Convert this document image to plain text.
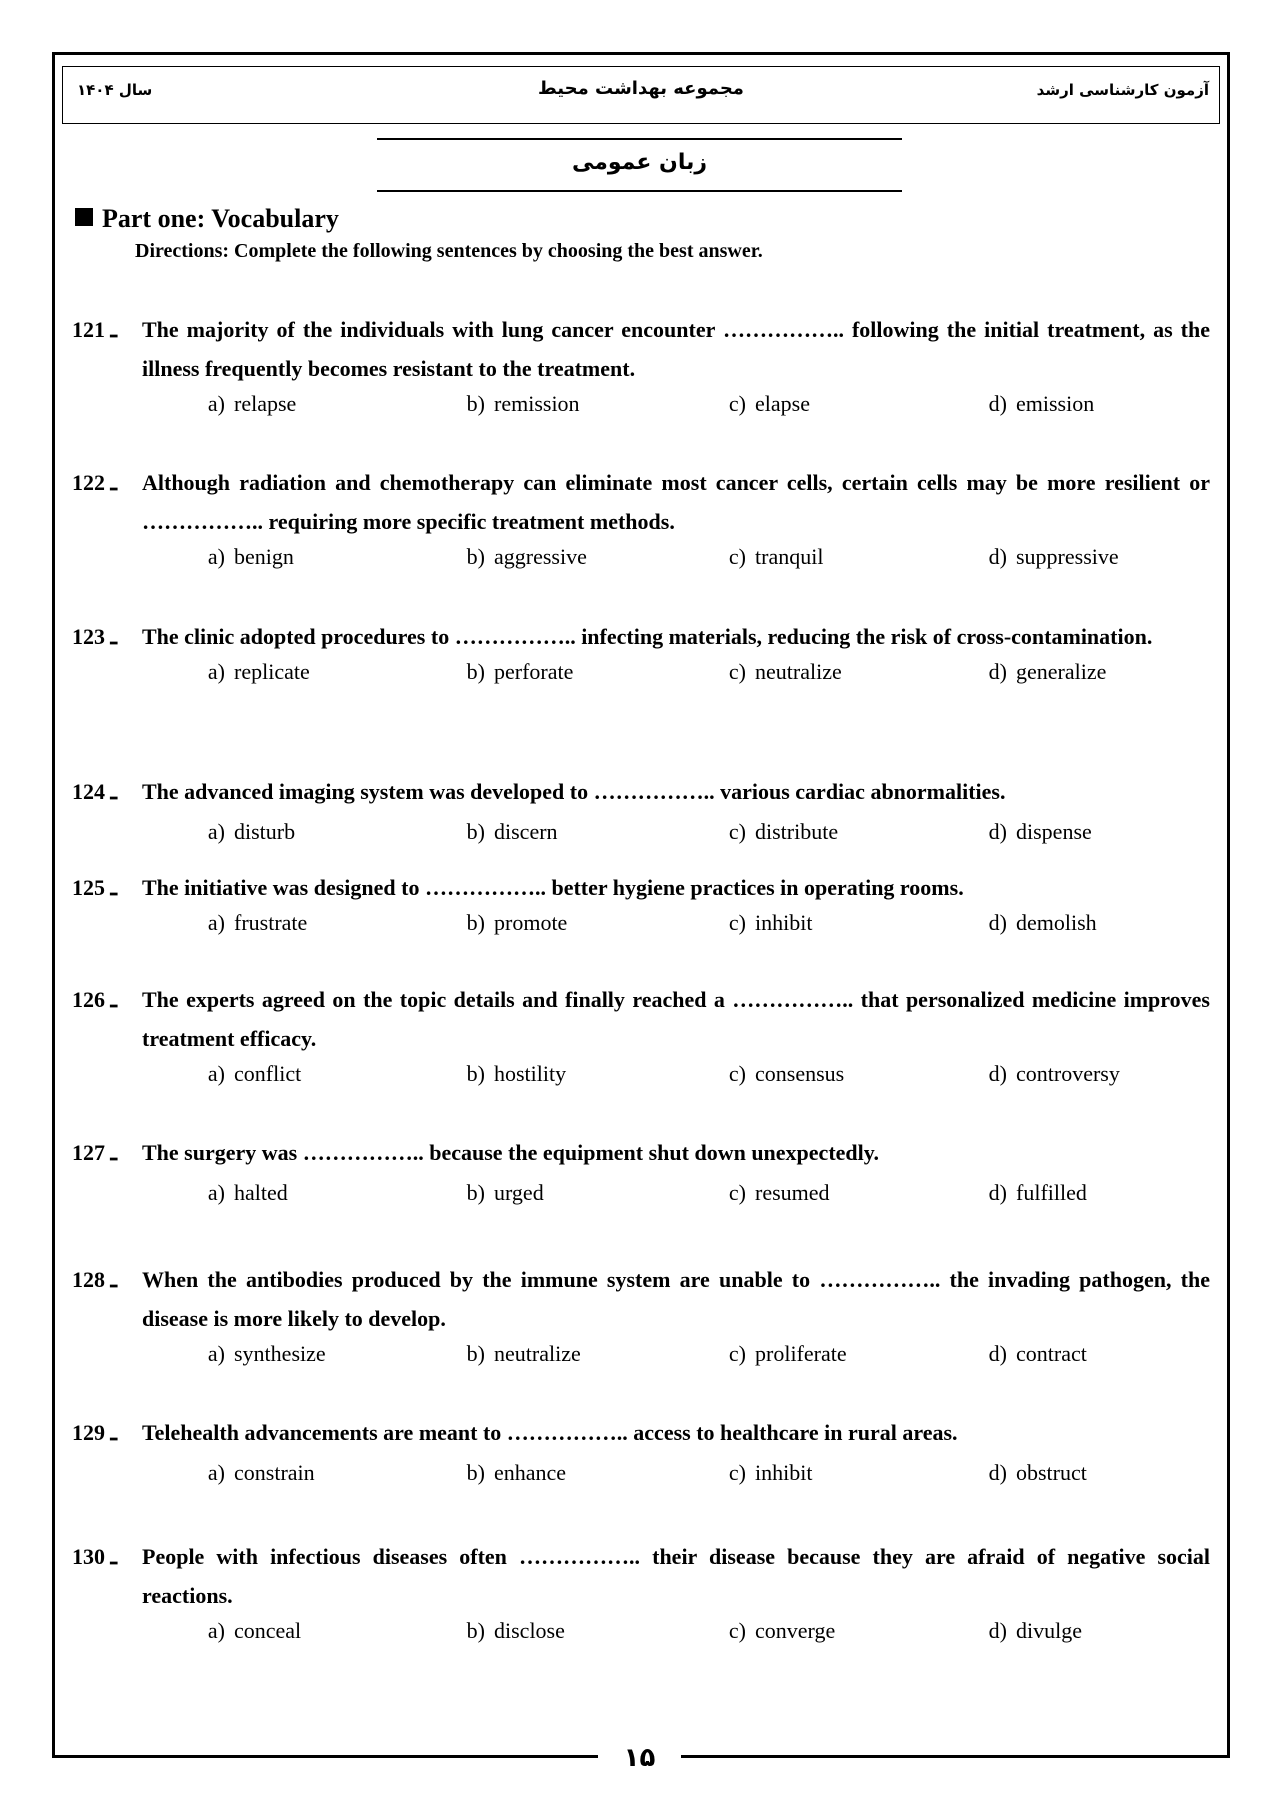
آزمون کارشناسی ارشد
مجموعه بهداشت محیط
سال ۱۴۰۴
زبان عمومی
Part one: Vocabulary
Directions: Complete the following sentences by choosing the best answer.
121 ـ The majority of the individuals with lung cancer encounter …………….. following the initial treatment, as the illness frequently becomes resistant to the treatment.
a) relapse	b) remission	c) elapse	d) emission
122 ـ Although radiation and chemotherapy can eliminate most cancer cells, certain cells may be more resilient or …………….. requiring more specific treatment methods.
a) benign	b) aggressive	c) tranquil	d) suppressive
123 ـ The clinic adopted procedures to …………….. infecting materials, reducing the risk of cross-contamination.
a) replicate	b) perforate	c) neutralize	d) generalize
124 ـ The advanced imaging system was developed to …………….. various cardiac abnormalities.
a) disturb	b) discern	c) distribute	d) dispense
125 ـ The initiative was designed to …………….. better hygiene practices in operating rooms.
a) frustrate	b) promote	c) inhibit	d) demolish
126 ـ The experts agreed on the topic details and finally reached a …………….. that personalized medicine improves treatment efficacy.
a) conflict	b) hostility	c) consensus	d) controversy
127 ـ The surgery was …………….. because the equipment shut down unexpectedly.
a) halted	b) urged	c) resumed	d) fulfilled
128 ـ When the antibodies produced by the immune system are unable to …………….. the invading pathogen, the disease is more likely to develop.
a) synthesize	b) neutralize	c) proliferate	d) contract
129 ـ Telehealth advancements are meant to …………….. access to healthcare in rural areas.
a) constrain	b) enhance	c) inhibit	d) obstruct
130 ـ People with infectious diseases often …………….. their disease because they are afraid of negative social reactions.
a) conceal	b) disclose	c) converge	d) divulge
۱۵
